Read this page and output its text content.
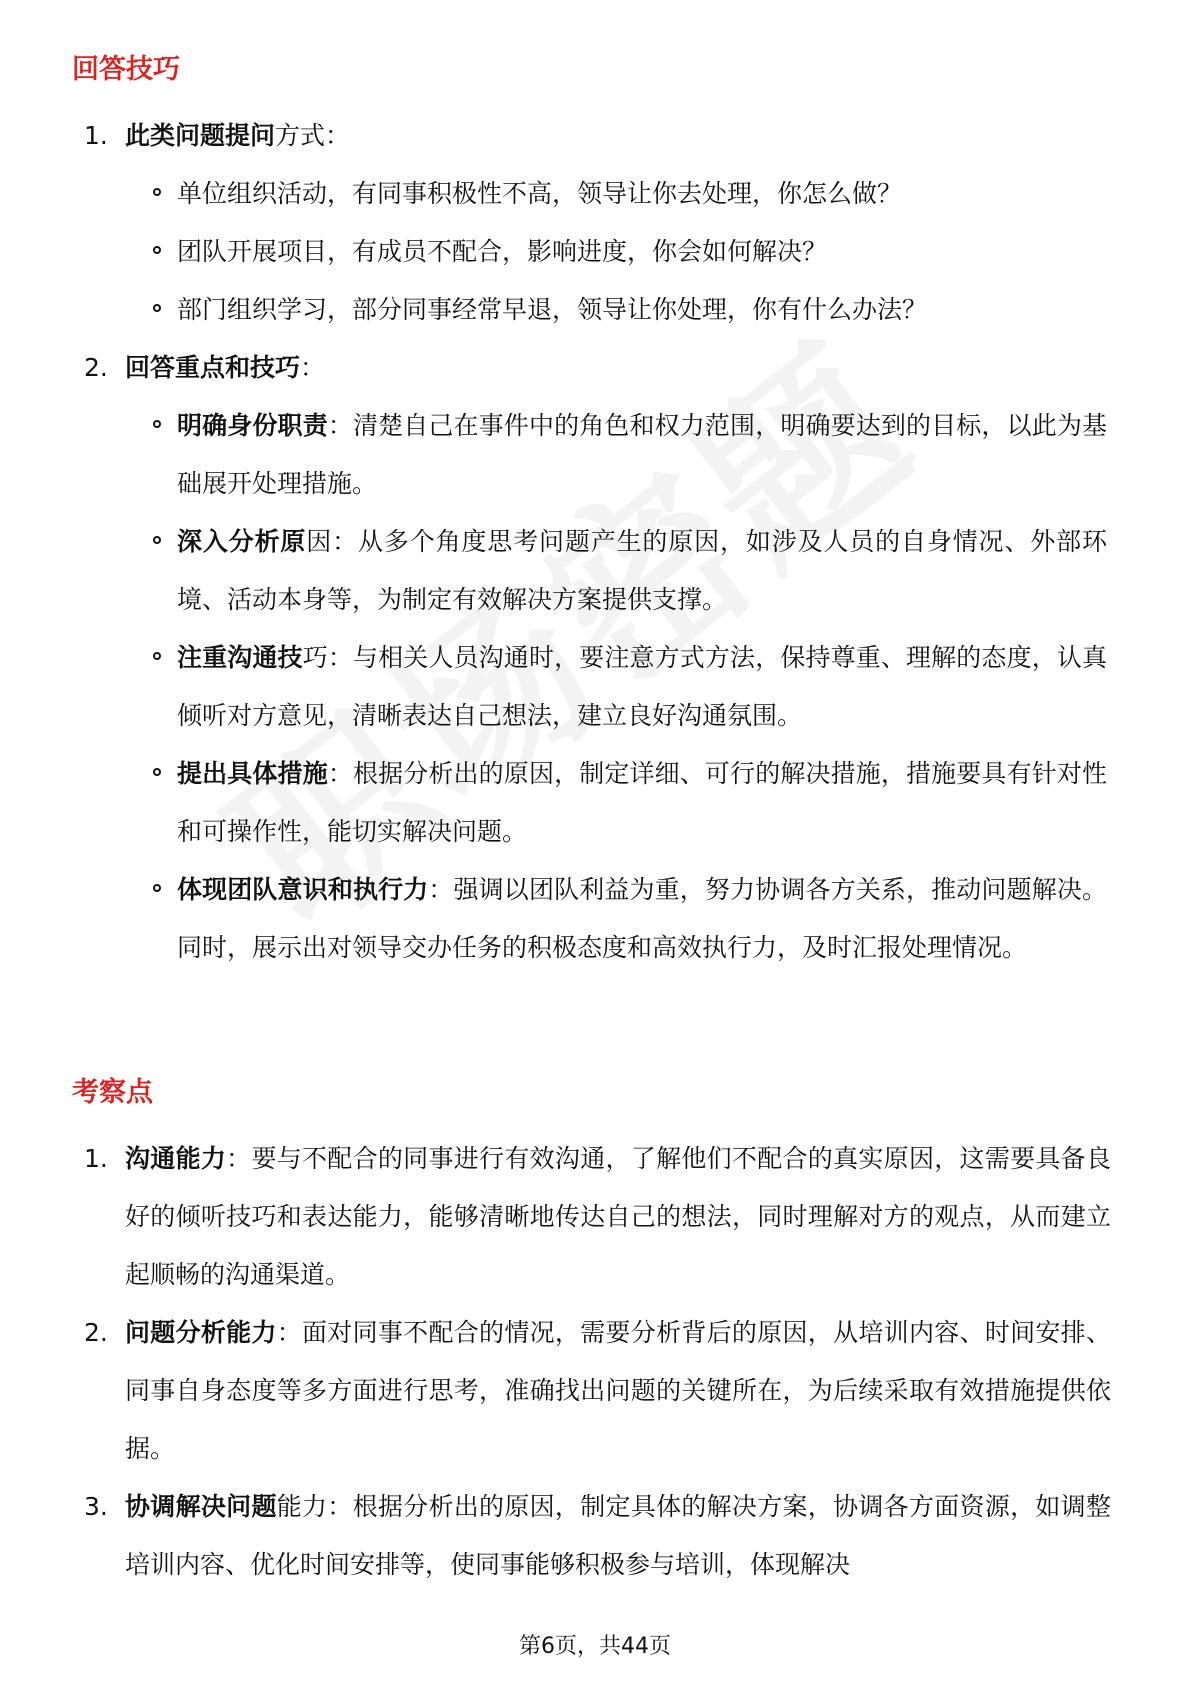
回答技巧
1. 此类问题提问方式：

单位组织活动，有同事积极性不高，领导让你去处理，你怎么做？

团队开展项目，有成员不配合，影响进度，你会如何解决？

部门组织学习，部分同事经常早退，领导让你处理，你有什么办法？

2. 回答重点和技巧：

明确身份职责：清楚自己在事件中的角色和权力范围，明确要达到的目标，以此为基础展开处理措施。

深入分析原因：从多个角度思考问题产生的原因，如涉及人员的自身情况、外部环境、活动本身等，为制定有效解决方案提供支撑。

注重沟通技巧：与相关人员沟通时，要注意方式方法，保持尊重、理解的态度，认真倾听对方意见，清晰表达自己想法，建立良好沟通氛围。

提出具体措施：根据分析出的原因，制定详细、可行的解决措施，措施要具有针对性和可操作性，能切实解决问题。

体现团队意识和执行力：强调以团队利益为重，努力协调各方关系，推动问题解决。同时，展示出对领导交办任务的积极态度和高效执行力，及时汇报处理情况。

考察点
1. 沟通能力：要与不配合的同事进行有效沟通，了解他们不配合的真实原因，这需要具备良好的倾听技巧和表达能力，能够清晰地传达自己的想法，同时理解对方的观点，从而建立起顺畅的沟通渠道。

2. 问题分析能力：面对同事不配合的情况，需要分析背后的原因，从培训内容、时间安排、同事自身态度等多方面进行思考，准确找出问题的关键所在，为后续采取有效措施提供依据。

3. 协调解决问题能力：根据分析出的原因，制定具体的解决方案，协调各方面资源，如调整培训内容、优化时间安排等，使同事能够积极参与培训，体现解决

第6页，共44页
